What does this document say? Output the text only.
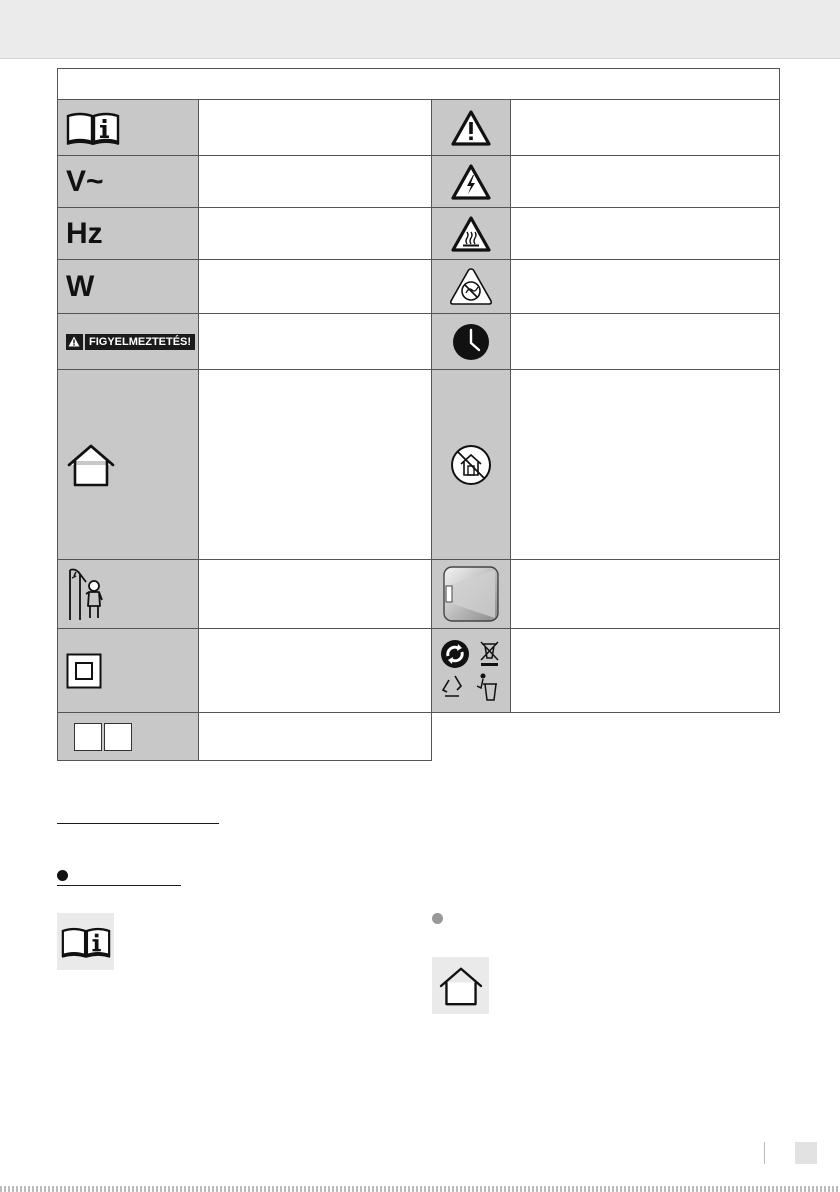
V~
Hz
W
FIGYELMEZTETÉS!
